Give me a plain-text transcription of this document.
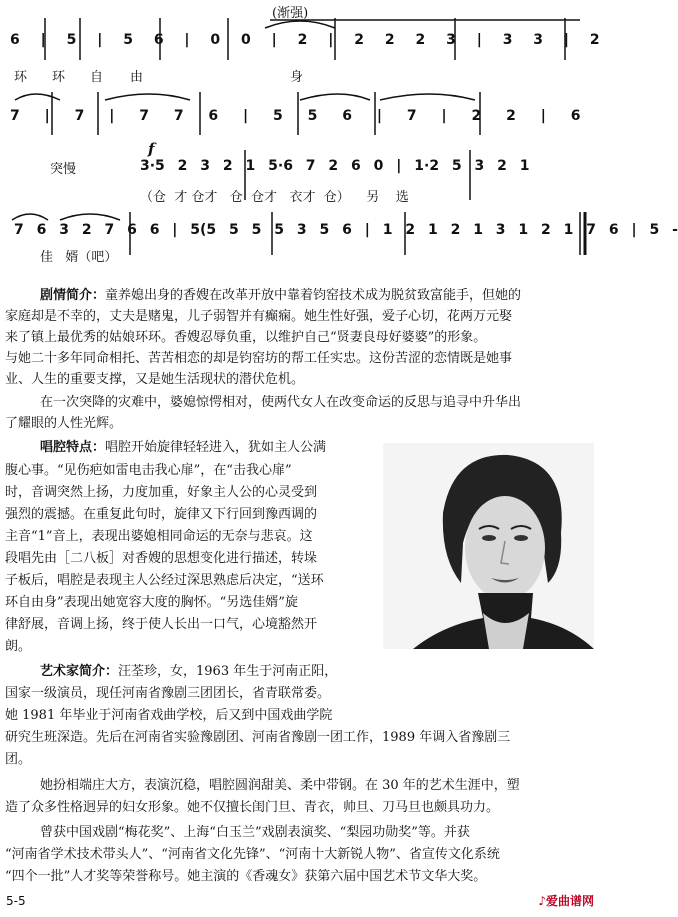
(渐强)
6 | 5 | 5 6 | 0 0 | 2 | 2 2 2 3 | 3 3 | 2
环 环 自 由	身
7 | 7 | 7 7 6 | 5 5 6 | 7 | 2 2 | 6
突慢
f
3·5 2 3 2 1 5·6 7 2 6 0 | 1·2 5 3 2 1
（仓  才 仓才   仓  仓才   衣才  仓）    另    选
7 6 3 2 7 6 6 | 5(5 5 5 5 3 5 6 | 1 2 1 2 1 3 1 2 1 7 6 | 5 -
佳   婿（吧）
剧情简介：童养媳出身的香嫂在改革开放中靠着钧窑技术成为脱贫致富能手，但她的
家庭却是不幸的，丈夫是赌鬼，儿子弱智并有癫痫。她生性好强，爱子心切，花两万元娶
来了镇上最优秀的姑娘环环。香嫂忍辱负重，以维护自己“贤妻良母好婆婆”的形象。
与她二十多年同命相托、苦苦相恋的却是钧窑坊的帮工任实忠。这份苦涩的恋情既是她事
业、人生的重要支撑，又是她生活现状的潜伏危机。
在一次突降的灾难中，婆媳惊愕相对，使两代女人在改变命运的反思与追寻中升华出
了耀眼的人性光辉。
唱腔特点：唱腔开始旋律轻轻进入，犹如主人公满
腹心事。“见伤疤如雷电击我心扉”，在“击我心扉”
时，音调突然上扬，力度加重，好象主人公的心灵受到
强烈的震撼。在重复此句时，旋律又下行回到豫西调的
主音“1”音上，表现出婆媳相同命运的无奈与悲哀。这
段唱先由［二八板］对香嫂的思想变化进行描述，转垛
子板后，唱腔是表现主人公经过深思熟虑后决定，“送环
环自由身”表现出她宽容大度的胸怀。“另选佳婿”旋
律舒展，音调上扬，终于使人长出一口气，心境豁然开
朗。
艺术家简介：汪荃珍，女，1963 年生于河南正阳，
国家一级演员，现任河南省豫剧三团团长，省青联常委。
她 1981 年毕业于河南省戏曲学校，后又到中国戏曲学院
研究生班深造。先后在河南省实验豫剧团、河南省豫剧一团工作，1989 年调入省豫剧三
团。
她扮相端庄大方，表演沉稳，唱腔圆润甜美、柔中带钢。在 30 年的艺术生涯中，塑
造了众多性格迥异的妇女形象。她不仅擅长闺门旦、青衣，帅旦、刀马旦也颇具功力。
曾获中国戏剧“梅花奖”、上海“白玉兰”戏剧表演奖、“梨园功勋奖”等。并获
“河南省学术技术带头人”、“河南省文化先锋”、“河南十大新锐人物”、省宣传文化系统
“四个一批”人才奖等荣誉称号。她主演的《香魂女》获第六届中国艺术节文华大奖。
5-5	♪爱曲谱网
